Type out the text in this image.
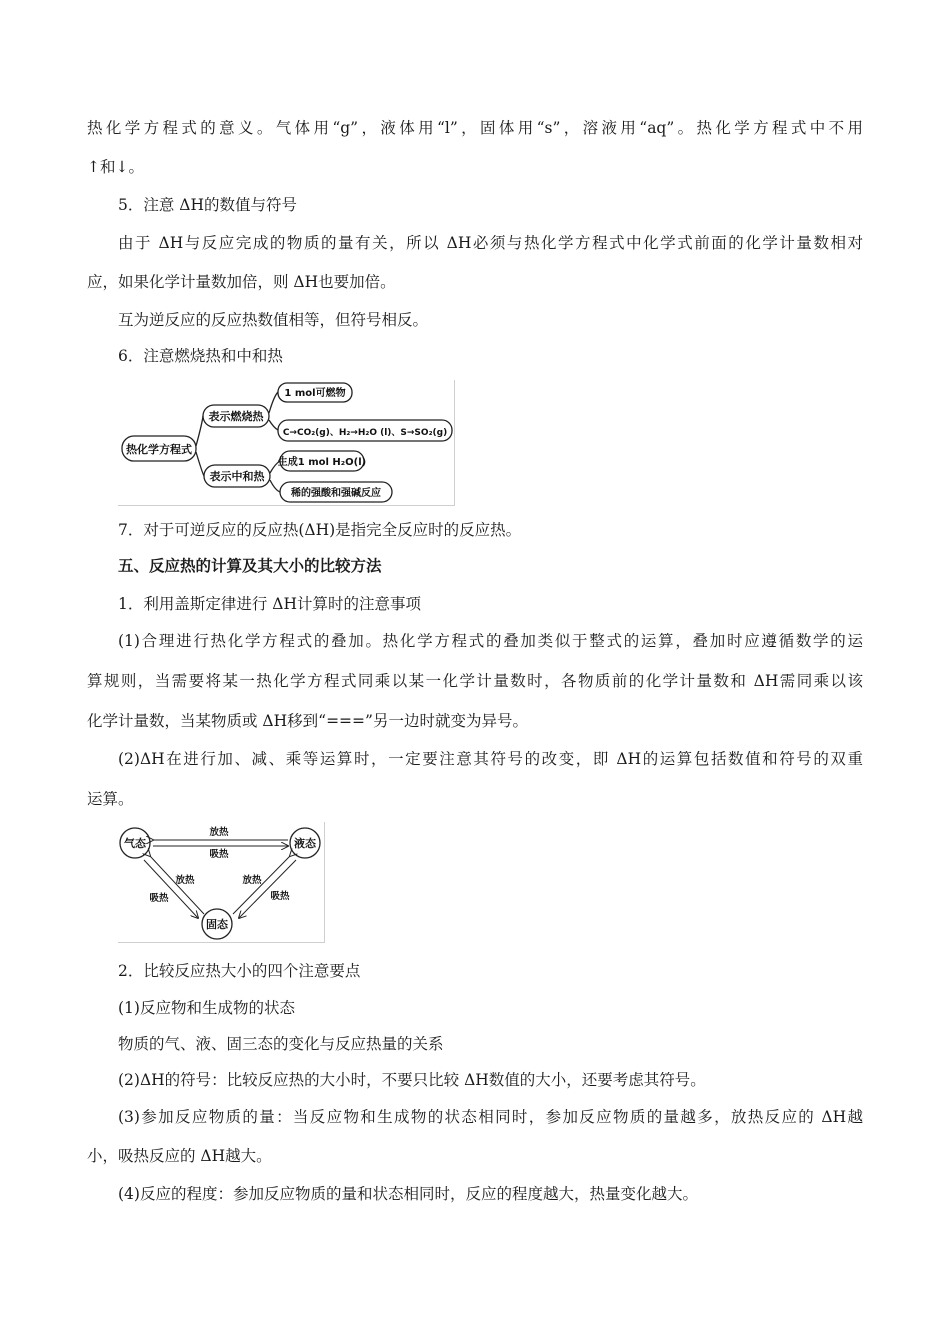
热化学方程式的意义。气体用“g”，液体用“l”，固体用“s”，溶液用“aq”。热化学方程式中不用
↑和↓。
5．注意 ΔH的数值与符号
由于 ΔH与反应完成的物质的量有关，所以 ΔH必须与热化学方程式中化学式前面的化学计量数相对
应，如果化学计量数加倍，则 ΔH也要加倍。
互为逆反应的反应热数值相等，但符号相反。
6．注意燃烧热和中和热
热化学方程式
表示燃烧热
表示中和热
1 mol可燃物
C→CO₂(g)、H₂→H₂O (l)、S→SO₂(g)
生成1 mol H₂O(l)
稀的强酸和强碱反应
7．对于可逆反应的反应热(ΔH)是指完全反应时的反应热。
五、反应热的计算及其大小的比较方法
1．利用盖斯定律进行 ΔH计算时的注意事项
(1)合理进行热化学方程式的叠加。热化学方程式的叠加类似于整式的运算，叠加时应遵循数学的运
算规则，当需要将某一热化学方程式同乘以某一化学计量数时，各物质前的化学计量数和 ΔH需同乘以该
化学计量数，当某物质或 ΔH移到“===”另一边时就变为异号。
(2)ΔH在进行加、减、乘等运算时，一定要注意其符号的改变，即 ΔH的运算包括数值和符号的双重
运算。
气态	液态
固态
放热
吸热
放热
吸热
放热
吸热
2．比较反应热大小的四个注意要点
(1)反应物和生成物的状态
物质的气、液、固三态的变化与反应热量的关系
(2)ΔH的符号：比较反应热的大小时，不要只比较 ΔH数值的大小，还要考虑其符号。
(3)参加反应物质的量：当反应物和生成物的状态相同时，参加反应物质的量越多，放热反应的 ΔH越
小，吸热反应的 ΔH越大。
(4)反应的程度：参加反应物质的量和状态相同时，反应的程度越大，热量变化越大。
